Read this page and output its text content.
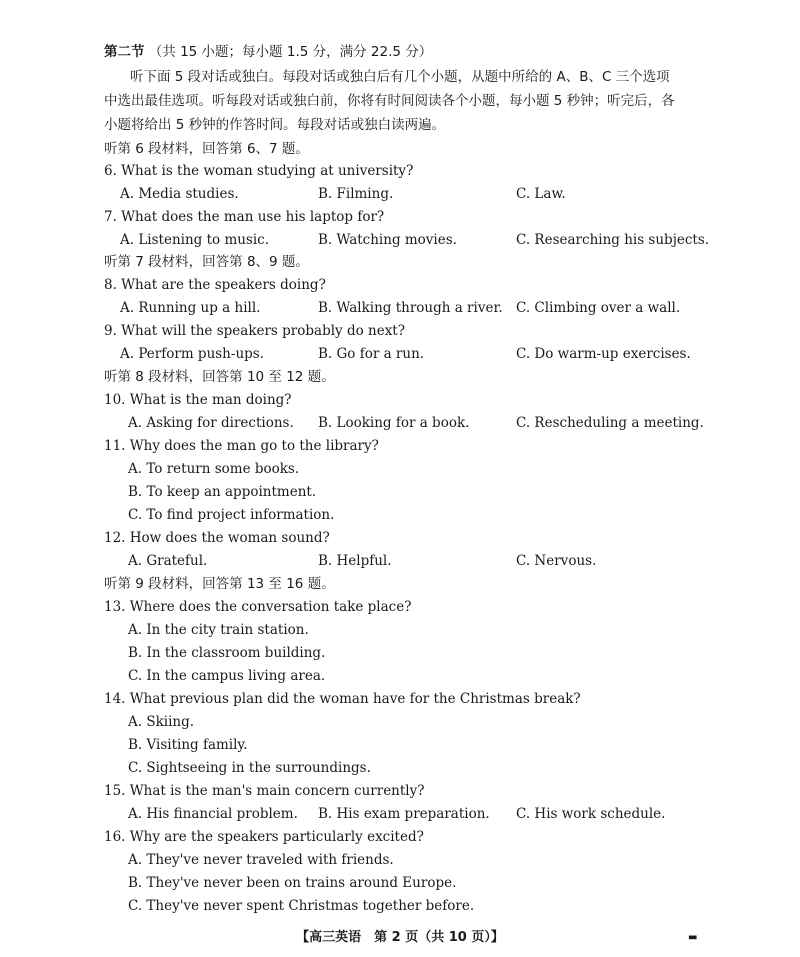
第二节 （共 15 小题；每小题 1.5 分，满分 22.5 分）
听下面 5 段对话或独白。每段对话或独白后有几个小题，从题中所给的 A、B、C 三个选项
中选出最佳选项。听每段对话或独白前，你将有时间阅读各个小题，每小题 5 秒钟；听完后，各
小题将给出 5 秒钟的作答时间。每段对话或独白读两遍。
听第 6 段材料，回答第 6、7 题。
6. What is the woman studying at university?
A. Media studies.	B. Filming.	C. Law.
7. What does the man use his laptop for?
A. Listening to music.	B. Watching movies.	C. Researching his subjects.
听第 7 段材料，回答第 8、9 题。
8. What are the speakers doing?
A. Running up a hill.	B. Walking through a river. C. Climbing over a wall.
9. What will the speakers probably do next?
A. Perform push-ups.	B. Go for a run.	C. Do warm-up exercises.
听第 8 段材料，回答第 10 至 12 题。
10. What is the man doing?
A. Asking for directions. B. Looking for a book.	C. Rescheduling a meeting.
11. Why does the man go to the library?
A. To return some books.
B. To keep an appointment.
C. To find project information.
12. How does the woman sound?
A. Grateful.	B. Helpful.	C. Nervous.
听第 9 段材料，回答第 13 至 16 题。
13. Where does the conversation take place?
A. In the city train station.
B. In the classroom building.
C. In the campus living area.
14. What previous plan did the woman have for the Christmas break?
A. Skiing.
B. Visiting family.
C. Sightseeing in the surroundings.
15. What is the man's main concern currently?
A. His financial problem. B. His exam preparation. C. His work schedule.
16. Why are the speakers particularly excited?
A. They've never traveled with friends.
B. They've never been on trains around Europe.
C. They've never spent Christmas together before.
【高三英语　第 2 页（共 10 页）】	▬
